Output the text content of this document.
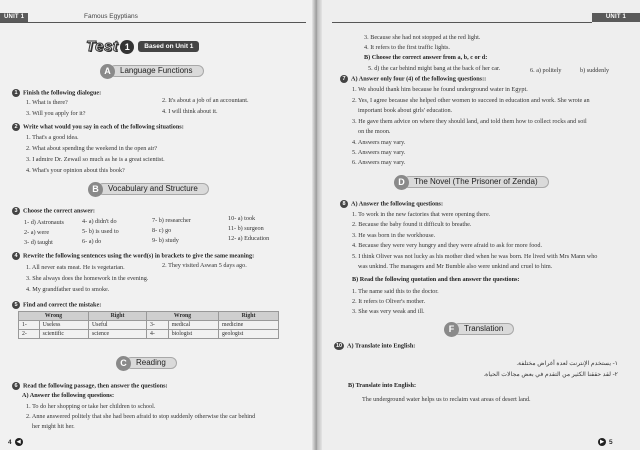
UNIT 1	Famous Egyptians
Test 1	Based on Unit 1
A	Language Functions
1 Finish the following dialogue:
1. What is there?	2. It's about a job of an accountant.
3. Will you apply for it?	4. I will think about it.
2 Write what would you say in each of the following situations:
1. That's a good idea.
2. What about spending the weekend in the open air?
3. I admire Dr. Zewail so much as he is a great scientist.
4. What's your opinion about this book?
B	Vocabulary and Structure
3 Choose the correct answer:
1- d) Astronauts
2- a) were
3- d) taught
4- a) didn't do
5- b) is used to
6- a) do
7- b) researcher
8- c) go
9- b) study
10- a) took
11- b) surgeon
12- a) Education
4 Rewrite the following sentences using the word(s) in brackets to give the same meaning:
1. All never eats meat. He is vegetarian.	2. They visited Aswan 5 days ago.
3. She always does the homework in the evening.
4. My grandfather used to smoke.
5 Find and correct the mistake:
Wrong		Right	Wrong		Right
1-	Useless	Useful	3-	medical	medicine
2-	scientific	science	4-	biologist	geologist
C	Reading
6 Read the following passage, then answer the questions:
A) Answer the following questions:
1. To do her shopping or take her children to school.
2. Anne answered politely that she had been afraid to stop suddenly otherwise the car behind
her might hit her.
4	◀
UNIT 1
3. Because she had not stopped at the red light.
4. It refers to the first traffic lights.
B) Choose the correct answer from a, b, c or d:
5. d) the car behind might bang at the back of her car.	6. a) politely	b) suddenly
7 A) Answer only four (4) of the following questions::
1. We should thank him because he found underground water in Egypt.
2. Yes, I agree because she helped other women to succeed in education and work. She wrote an
important book about girls' education.
3. He gave them advice on where they should land, and told them how to collect rocks and soil
on the moon.
4. Answers may vary.
5. Answers may vary.
6. Answers may vary.
D	The Novel (The Prisoner of Zenda)
8 A) Answer the following questions:
1. To work in the new factories that were opening there.
2. Because the baby found it difficult to breathe.
3. He was born in the workhouse.
4. Because they were very hungry and they were afraid to ask for more food.
5. I think Oliver was not lucky as his mother died when he was born. He lived with Mrs Mann who
was unkind. The managers and Mr Bumble also were unkind and cruel to him.
B) Read the following quotation and then answer the questions:
1. The name said this to the doctor.
2. It refers to Oliver's mother.
3. She was very weak and ill.
F	Translation
10 A) Translate into English:
١- يستخدم الإنترنت لعدة أغراض مختلفة.
٢- لقد حققنا الكثير من التقدم في بعض مجالات الحياة.
B) Translate into English:
The underground water helps us to reclaim vast areas of desert land.
▶ 5
